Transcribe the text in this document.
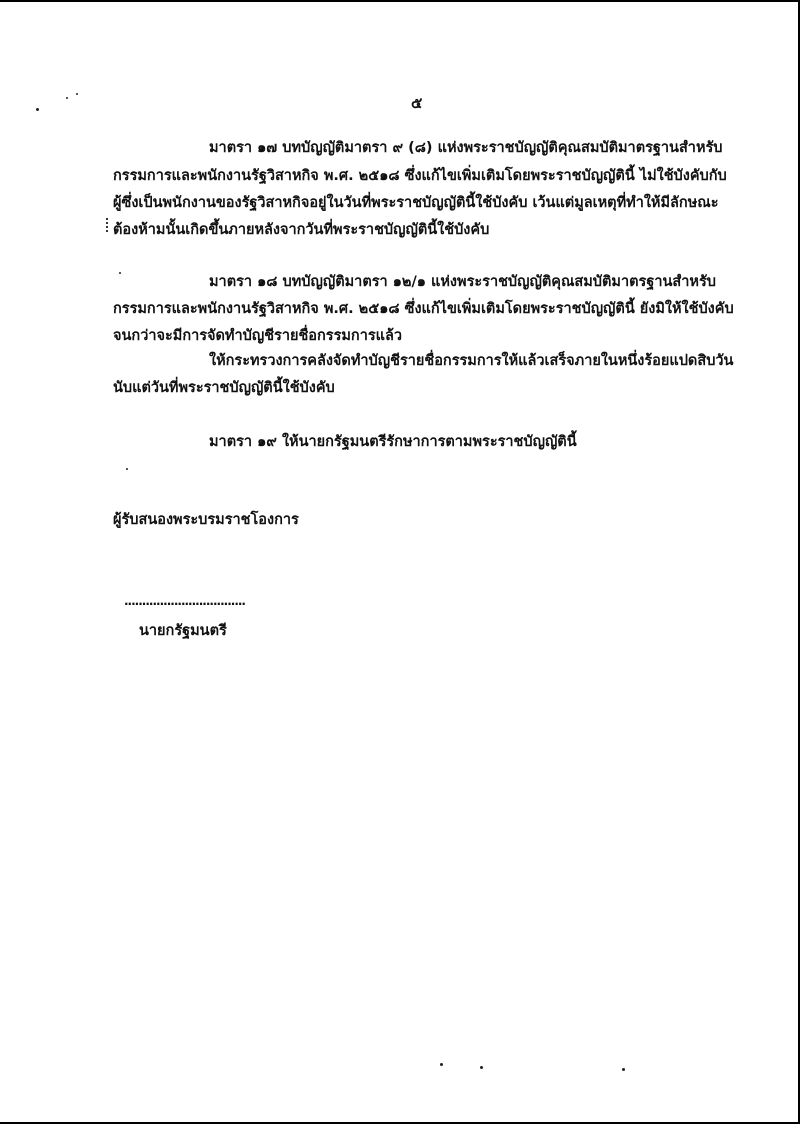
๕
มาตรา ๑๗ บทบัญญัติมาตรา ๙ (๘) แห่งพระราชบัญญัติคุณสมบัติมาตรฐานสำหรับ
กรรมการและพนักงานรัฐวิสาหกิจ พ.ศ. ๒๕๑๘ ซึ่งแก้ไขเพิ่มเติมโดยพระราชบัญญัตินี้ ไม่ใช้บังคับกับ
ผู้ซึ่งเป็นพนักงานของรัฐวิสาหกิจอยู่ในวันที่พระราชบัญญัตินี้ใช้บังคับ เว้นแต่มูลเหตุที่ทำให้มีลักษณะ
ต้องห้ามนั้นเกิดขึ้นภายหลังจากวันที่พระราชบัญญัตินี้ใช้บังคับ
มาตรา ๑๘ บทบัญญัติมาตรา ๑๒/๑ แห่งพระราชบัญญัติคุณสมบัติมาตรฐานสำหรับ
กรรมการและพนักงานรัฐวิสาหกิจ พ.ศ. ๒๕๑๘ ซึ่งแก้ไขเพิ่มเติมโดยพระราชบัญญัตินี้ ยังมิให้ใช้บังคับ
จนกว่าจะมีการจัดทำบัญชีรายชื่อกรรมการแล้ว
ให้กระทรวงการคลังจัดทำบัญชีรายชื่อกรรมการให้แล้วเสร็จภายในหนึ่งร้อยแปดสิบวัน
นับแต่วันที่พระราชบัญญัตินี้ใช้บังคับ
มาตรา ๑๙ ให้นายกรัฐมนตรีรักษาการตามพระราชบัญญัตินี้
ผู้รับสนองพระบรมราชโองการ
..................................
นายกรัฐมนตรี
